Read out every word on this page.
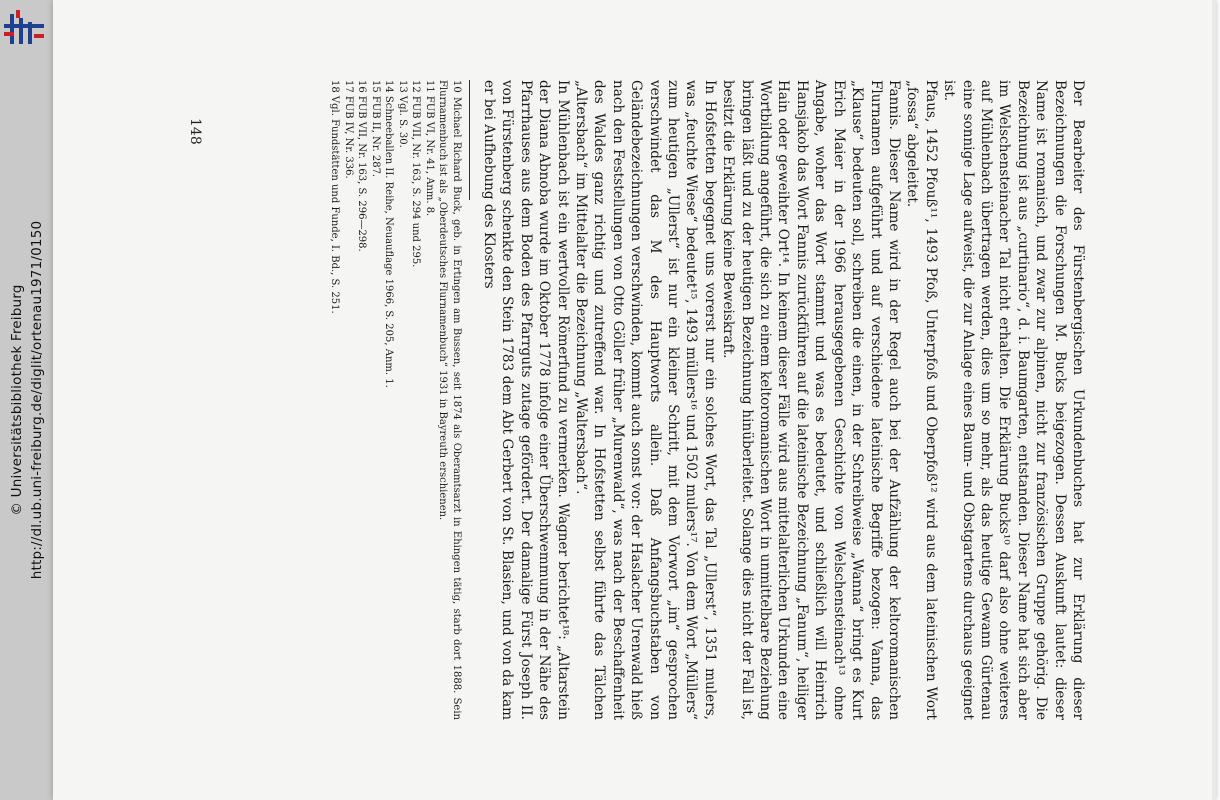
http://dl.ub.uni-freiburg.de/diglit/ortenau1971/0150
© Universitätsbibliothek Freiburg	Der Bearbeiter des Fürstenbergischen Urkundenbuches hat zur Erklärung dieser Bezeichnungen die Forschungen M. Bucks beigezogen. Dessen Auskunft lautet: dieser Name ist romanisch, und zwar zur alpinen, nicht zur französischen Gruppe gehörig. Die Bezeichnung ist aus „curtinario“, d. i. Baumgarten, entstanden. Dieser Name hat sich aber im Welschensteinacher Tal nicht erhalten. Die Erklärung Bucks¹⁰ darf also ohne weiteres auf Mühlenbach übertragen werden, dies um so mehr, als das heutige Gewann Gürtenau eine sonnige Lage aufweist, die zur Anlage eines Baum- und Obstgartens durchaus geeignet ist.

Pfaus, 1452 Pfouß¹¹, 1493 Pfoß, Unterpfoß und Oberpfoß¹² wird aus dem lateinischen Wort „fossa“ abgeleitet.

Fannis. Dieser Name wird in der Regel auch bei der Aufzählung der keltoromanischen Flurnamen aufgeführt und auf verschiedene lateinische Begriffe bezogen: Vanna, das „Klause“ bedeuten soll, schreiben die einen, in der Schreibweise „Wanna“ bringt es Kurt Erich Maier in der 1966 herausgegebenen Geschichte von Welschensteinach¹³ ohne Angabe, woher das Wort stammt und was es bedeutet, und schließlich will Heinrich Hansjakob das Wort Fannis zurückführen auf die lateinische Bezeichnung „Fanum“, heiliger Hain oder geweihter Ort¹⁴. In keinem dieser Fälle wird aus mittelalterlichen Urkunden eine Wortbildung angeführt, die sich zu einem keltoromanischen Wort in unmittelbare Beziehung bringen läßt und zu der heutigen Bezeichnung hinüberleitet. Solange dies nicht der Fall ist, besitzt die Erklärung keine Beweiskraft.

In Hofstetten begegnet uns vorerst nur ein solches Wort, das Tal „Ullerst“, 1351 mulers, was „feuchte Wiese“ bedeutet¹⁵, 1493 müllers¹⁶ und 1502 mulers¹⁷. Von dem Wort „Müllers“ zum heutigen „Ullerst“ ist nur ein kleiner Schritt, mit dem Vorwort „im“ gesprochen verschwindet das M des Hauptworts allein. Daß Anfangsbuchstaben von Geländebezeichnungen verschwinden, kommt auch sonst vor: der Haslacher Urenwald hieß nach den Feststellungen von Otto Göller früher „Murenwald“, was nach der Beschaffenheit des Waldes ganz richtig und zutreffend war. In Hofstetten selbst führte das Tälchen „Altersbach“ im Mittelalter die Bezeichnung „Waltersbach“.

In Mühlenbach ist ein wertvoller Römerfund zu vermerken. Wagner berichtet¹⁸: „Altarstein der Diana Abnoba wurde im Oktober 1778 infolge einer Überschwemmung in der Nähe des Pfarrhauses aus dem Boden des Pfarrguts zutage gefördert. Der damalige Fürst Joseph II. von Fürstenberg schenkte den Stein 1783 dem Abt Gerbert von St. Blasien, und von da kam er bei Aufhebung des Klosters

10 Michael Richard Buck, geb. in Ertingen am Bussen, seit 1874 als Oberamtsarzt in Ehingen tätig, starb dort 1888. Sein Flurnamenbuch ist als „Oberdeutsches Flurnamenbuch“ 1931 in Bayreuth erschienen.

11 FUB VI, Nr. 41, Anm. 8.

12 FUB VII, Nr. 163, S. 294 und 295.

13 Vgl. S. 30.

14 Schneeballen II. Reihe, Neuauflage 1966, S. 205, Anm. 1.

15 FUB II, Nr. 287.

16 FUB VII, Nr. 163, S. 296—298.

17 FUB IV, Nr. 336.

18 Vgl. Fundstätten und Funde, I. Bd., S. 251.

148
